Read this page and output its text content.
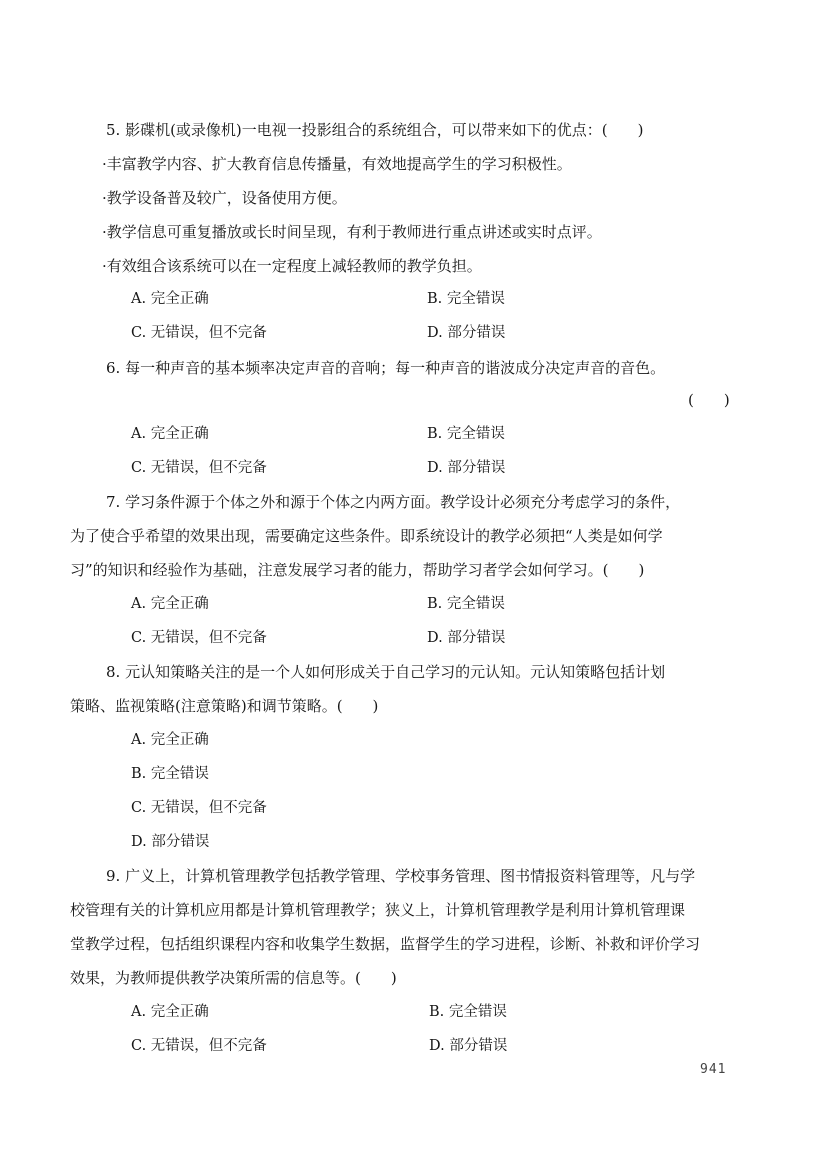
5. 影碟机(或录像机)一电视一投影组合的系统组合，可以带来如下的优点：(　　)
·丰富教学内容、扩大教育信息传播量，有效地提高学生的学习积极性。
·教学设备普及较广，设备使用方便。
·教学信息可重复播放或长时间呈现，有利于教师进行重点讲述或实时点评。
·有效组合该系统可以在一定程度上减轻教师的教学负担。
A. 完全正确	B. 完全错误
C. 无错误，但不完备	D. 部分错误
6. 每一种声音的基本频率决定声音的音响；每一种声音的谐波成分决定声音的音色。
(　　)
A. 完全正确	B. 完全错误
C. 无错误，但不完备	D. 部分错误
7. 学习条件源于个体之外和源于个体之内两方面。教学设计必须充分考虑学习的条件，
为了使合乎希望的效果出现，需要确定这些条件。即系统设计的教学必须把“人类是如何学
习”的知识和经验作为基础，注意发展学习者的能力，帮助学习者学会如何学习。(　　)
A. 完全正确	B. 完全错误
C. 无错误，但不完备	D. 部分错误
8. 元认知策略关注的是一个人如何形成关于自己学习的元认知。元认知策略包括计划
策略、监视策略(注意策略)和调节策略。(　　)
A. 完全正确
B. 完全错误
C. 无错误，但不完备
D. 部分错误
9. 广义上，计算机管理教学包括教学管理、学校事务管理、图书情报资料管理等，凡与学
校管理有关的计算机应用都是计算机管理教学；狭义上，计算机管理教学是利用计算机管理课
堂教学过程，包括组织课程内容和收集学生数据，监督学生的学习进程，诊断、补救和评价学习
效果，为教师提供教学决策所需的信息等。(　　)
A. 完全正确	B. 完全错误
C. 无错误，但不完备	D. 部分错误
941
